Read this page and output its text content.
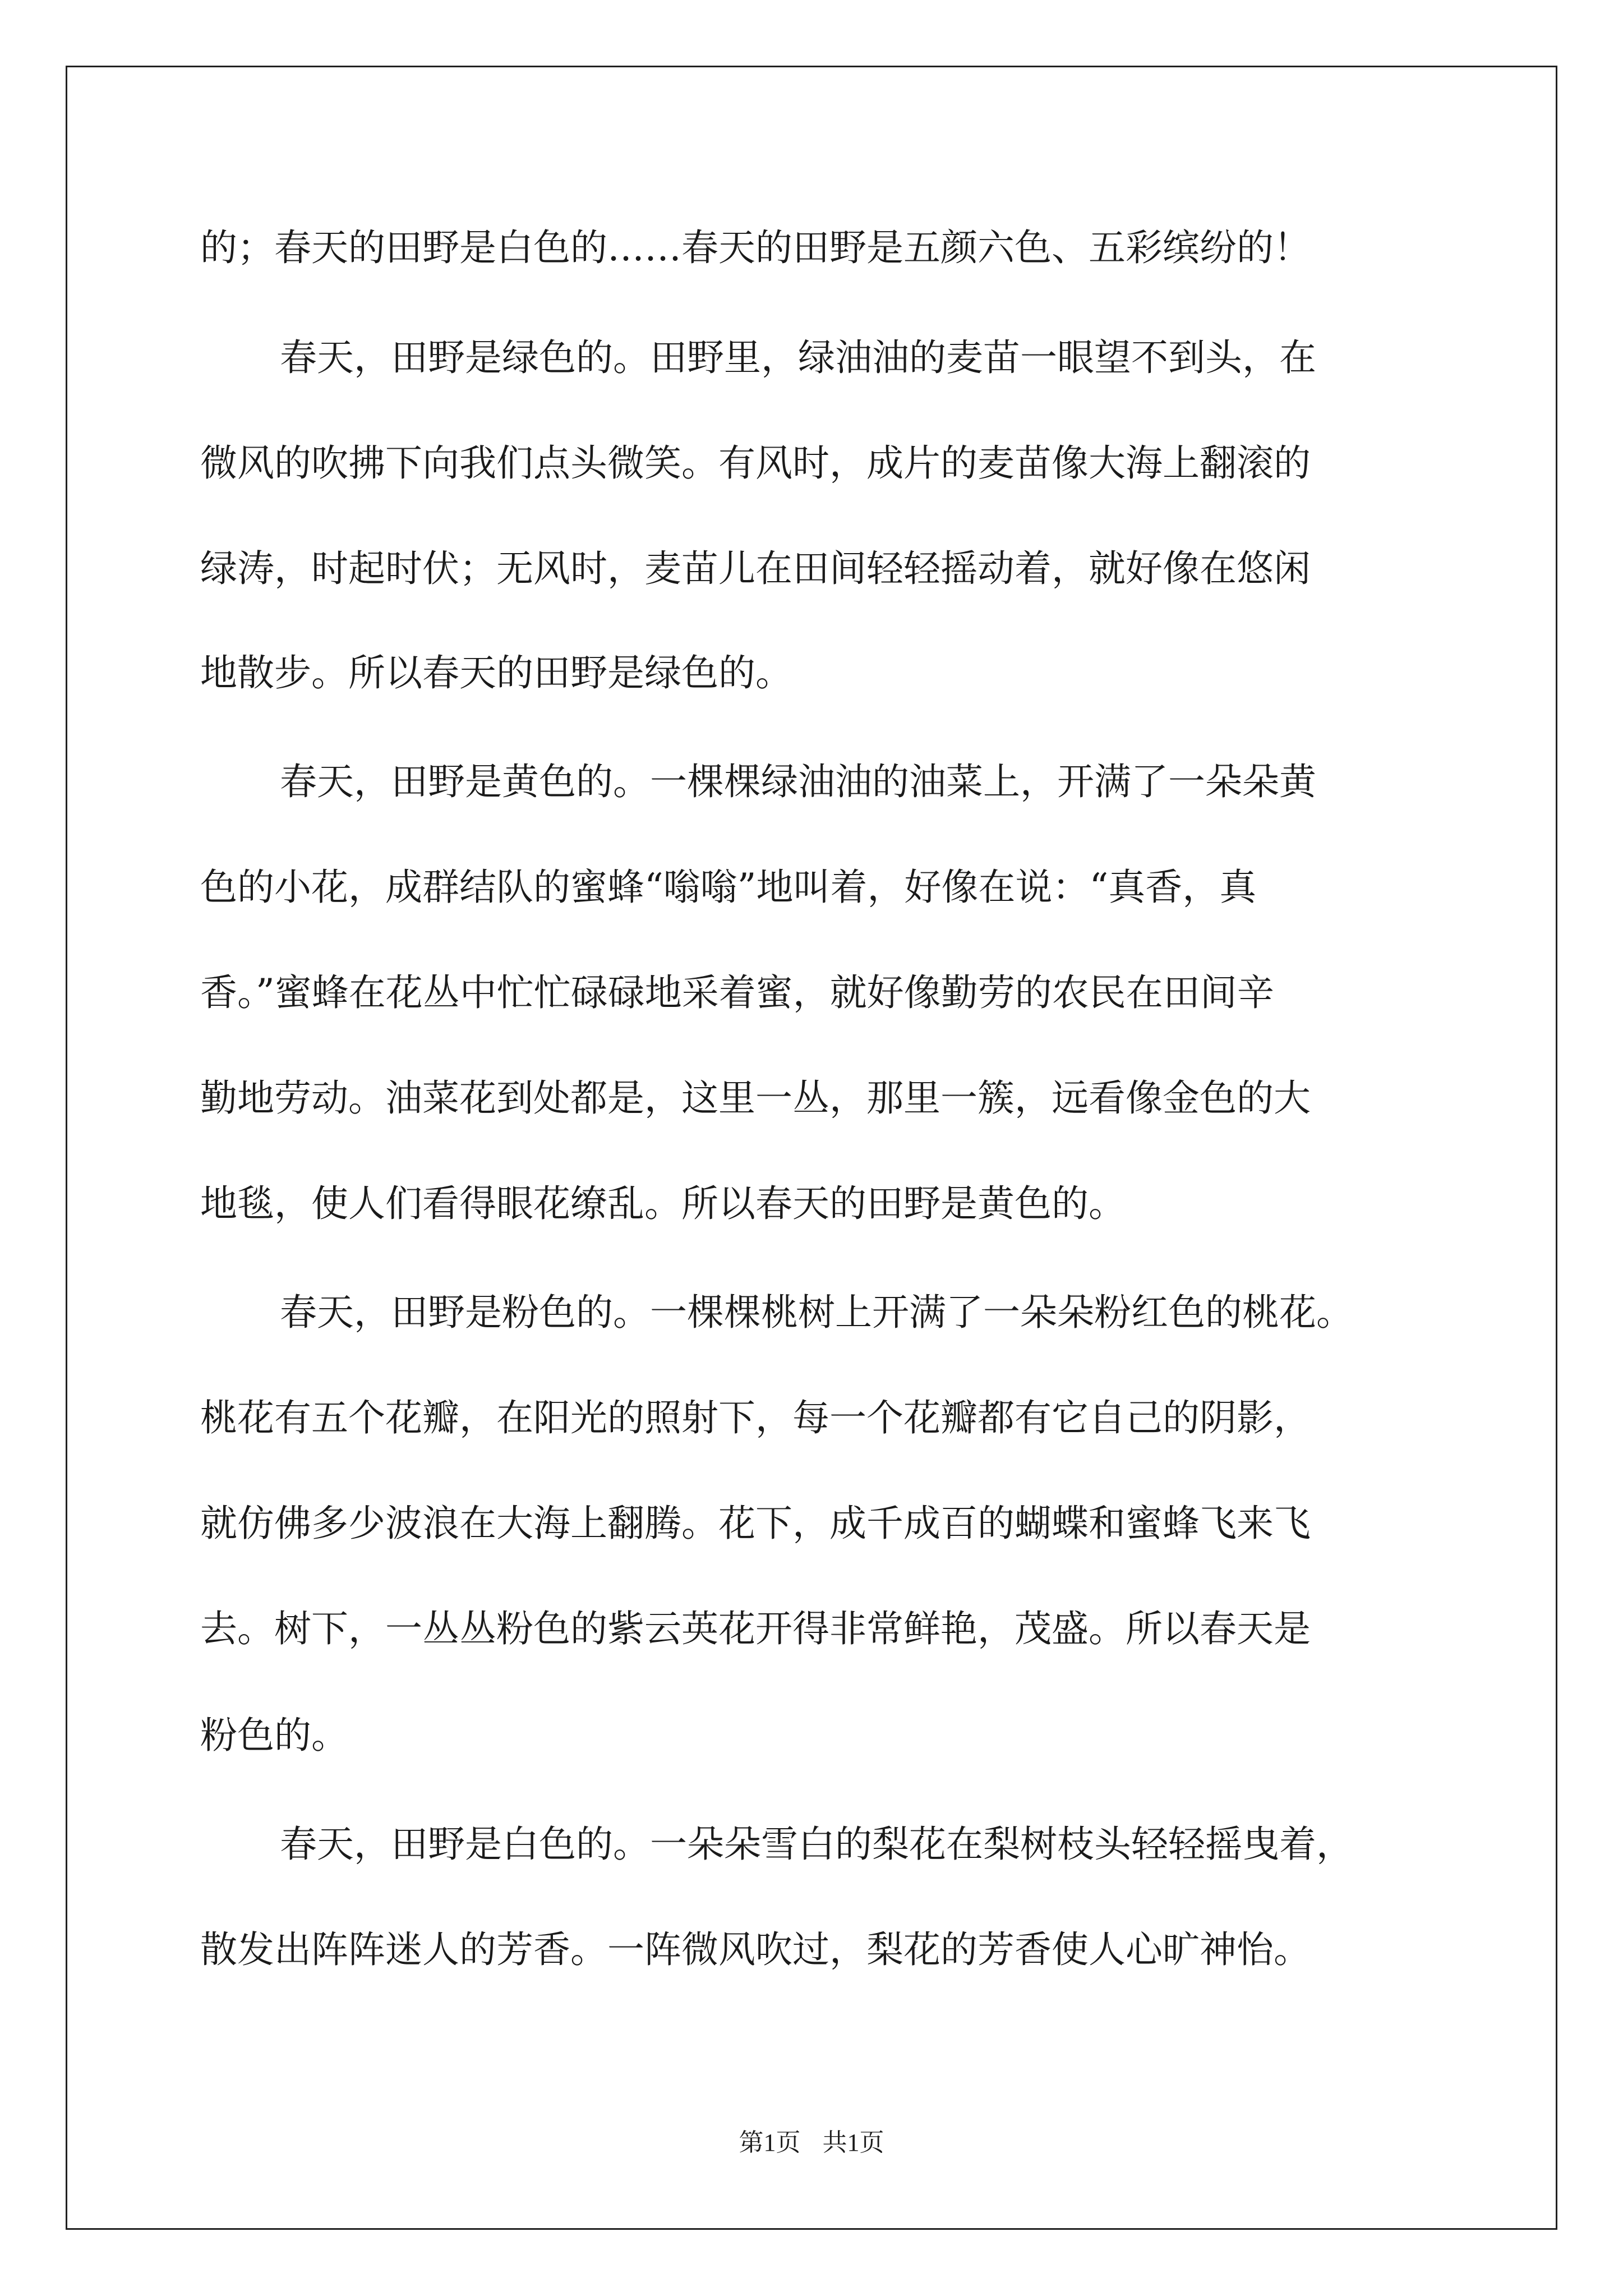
的；春天的田野是白色的……春天的田野是五颜六色、五彩缤纷的！

春天，田野是绿色的。田野里，绿油油的麦苗一眼望不到头，在

微风的吹拂下向我们点头微笑。有风时，成片的麦苗像大海上翻滚的

绿涛，时起时伏；无风时，麦苗儿在田间轻轻摇动着，就好像在悠闲

地散步。所以春天的田野是绿色的。

春天，田野是黄色的。一棵棵绿油油的油菜上，开满了一朵朵黄

色的小花，成群结队的蜜蜂“嗡嗡”地叫着，好像在说：“真香，真

香。”蜜蜂在花丛中忙忙碌碌地采着蜜，就好像勤劳的农民在田间辛

勤地劳动。油菜花到处都是，这里一丛，那里一簇，远看像金色的大

地毯，使人们看得眼花缭乱。所以春天的田野是黄色的。

春天，田野是粉色的。一棵棵桃树上开满了一朵朵粉红色的桃花。

桃花有五个花瓣，在阳光的照射下，每一个花瓣都有它自己的阴影，

就仿佛多少波浪在大海上翻腾。花下，成千成百的蝴蝶和蜜蜂飞来飞

去。树下，一丛丛粉色的紫云英花开得非常鲜艳，茂盛。所以春天是

粉色的。

春天，田野是白色的。一朵朵雪白的梨花在梨树枝头轻轻摇曳着，

散发出阵阵迷人的芳香。一阵微风吹过，梨花的芳香使人心旷神怡。

第1页 共1页
